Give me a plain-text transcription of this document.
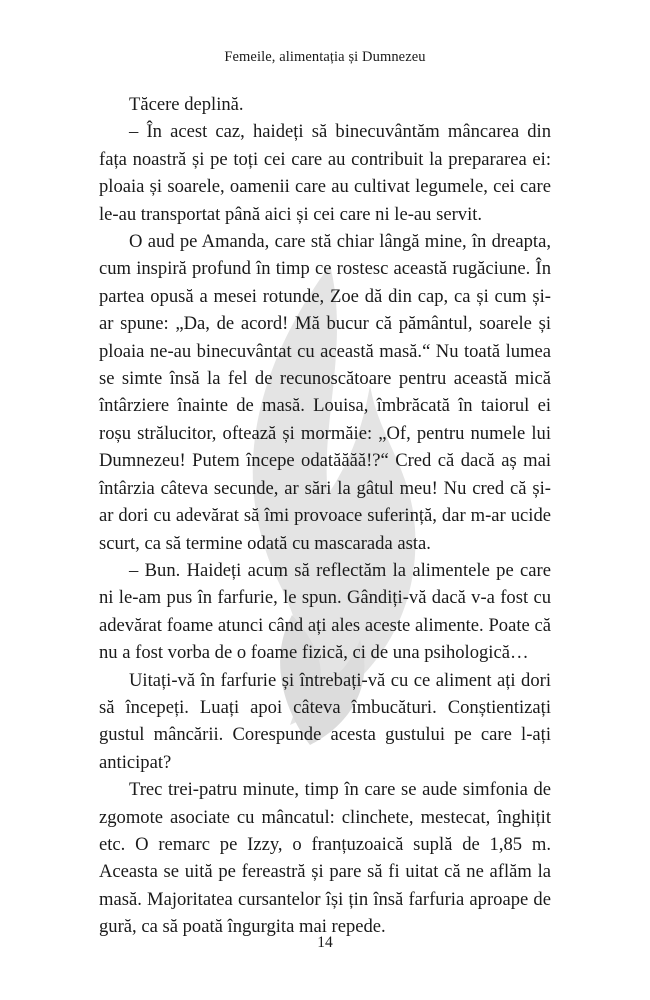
Femeile, alimentația și Dumnezeu

Tăcere deplină.

– În acest caz, haideți să binecuvântăm mâncarea din fața noastră și pe toți cei care au contribuit la prepararea ei: ploaia și soarele, oamenii care au cultivat legumele, cei care le-au transportat până aici și cei care ni le-au servit.

O aud pe Amanda, care stă chiar lângă mine, în dreapta, cum inspiră profund în timp ce rostesc această rugăciune. În partea opusă a mesei rotunde, Zoe dă din cap, ca și cum și-ar spune: „Da, de acord! Mă bucur că pământul, soarele și ploaia ne-au binecuvântat cu această masă.“ Nu toată lumea se simte însă la fel de recunoscătoare pentru această mică întârziere înainte de masă. Louisa, îmbrăcată în taiorul ei roșu strălucitor, oftează și mormăie: „Of, pentru numele lui Dumnezeu! Putem începe odatăăăă!?“ Cred că dacă aș mai întârzia câteva secunde, ar sări la gâtul meu! Nu cred că și-ar dori cu adevărat să îmi provoace suferință, dar m-ar ucide scurt, ca să termine odată cu mascarada asta.

– Bun. Haideți acum să reflectăm la alimentele pe care ni le-am pus în farfurie, le spun. Gândiți-vă dacă v-a fost cu adevărat foame atunci când ați ales aceste alimente. Poate că nu a fost vorba de o foame fizică, ci de una psihologică…

Uitați-vă în farfurie și întrebați-vă cu ce aliment ați dori să începeți. Luați apoi câteva îmbucături. Conștientizați gustul mâncării. Corespunde acesta gustului pe care l-ați anticipat?

Trec trei-patru minute, timp în care se aude simfonia de zgomote asociate cu mâncatul: clinchete, mestecat, înghițit etc. O remarc pe Izzy, o franțuzoaică suplă de 1,85 m. Aceasta se uită pe fereastră și pare să fi uitat că ne aflăm la masă. Majoritatea cursantelor își țin însă farfuria aproape de gură, ca să poată îngurgita mai repede.

14
